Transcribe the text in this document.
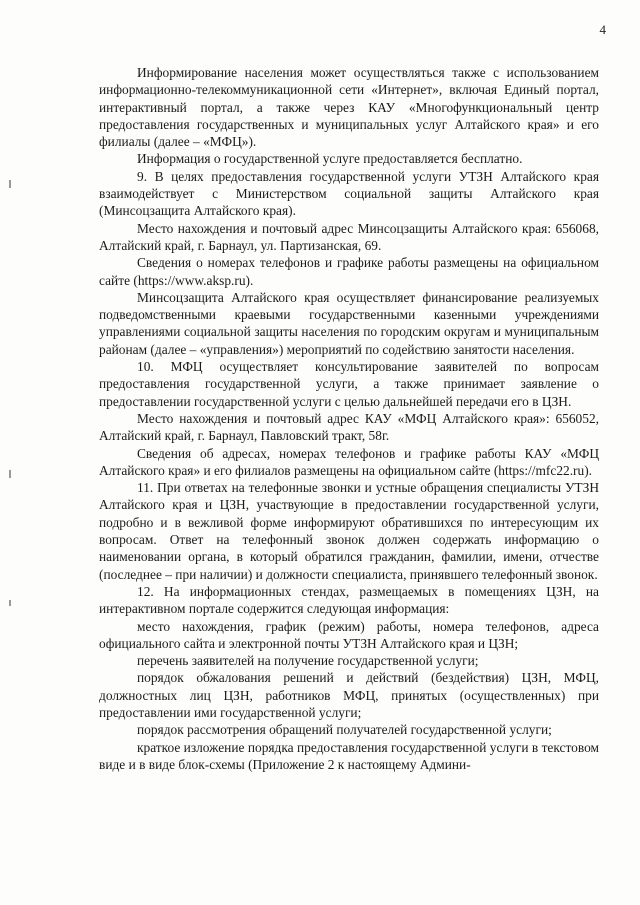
4

Информирование населения может осуществляться также с использованием информационно-телекоммуникационной сети «Интернет», включая Единый портал, интерактивный портал, а также через КАУ «Многофункциональный центр предоставления государственных и муниципальных услуг Алтайского края» и его филиалы (далее – «МФЦ»).

Информация о государственной услуге предоставляется бесплатно.

9. В целях предоставления государственной услуги УТЗН Алтайского края взаимодействует с Министерством социальной защиты Алтайского края (Минсоцзащита Алтайского края).

Место нахождения и почтовый адрес Минсоцзащиты Алтайского края: 656068, Алтайский край, г. Барнаул, ул. Партизанская, 69.

Сведения о номерах телефонов и графике работы размещены на официальном сайте (https://www.aksp.ru).

Минсоцзащита Алтайского края осуществляет финансирование реализуемых подведомственными краевыми государственными казенными учреждениями управлениями социальной защиты населения по городским округам и муниципальным районам (далее – «управления») мероприятий по содействию занятости населения.

10. МФЦ осуществляет консультирование заявителей по вопросам предоставления государственной услуги, а также принимает заявление о предоставлении государственной услуги с целью дальнейшей передачи его в ЦЗН.

Место нахождения и почтовый адрес КАУ «МФЦ Алтайского края»: 656052, Алтайский край, г. Барнаул, Павловский тракт, 58г.

Сведения об адресах, номерах телефонов и графике работы КАУ «МФЦ Алтайского края» и его филиалов размещены на официальном сайте (https://mfc22.ru).

11. При ответах на телефонные звонки и устные обращения специалисты УТЗН Алтайского края и ЦЗН, участвующие в предоставлении государственной услуги, подробно и в вежливой форме информируют обратившихся по интересующим их вопросам. Ответ на телефонный звонок должен содержать информацию о наименовании органа, в который обратился гражданин, фамилии, имени, отчестве (последнее – при наличии) и должности специалиста, принявшего телефонный звонок.

12. На информационных стендах, размещаемых в помещениях ЦЗН, на интерактивном портале содержится следующая информация:

место нахождения, график (режим) работы, номера телефонов, адреса официального сайта и электронной почты УТЗН Алтайского края и ЦЗН;

перечень заявителей на получение государственной услуги;

порядок обжалования решений и действий (бездействия) ЦЗН, МФЦ, должностных лиц ЦЗН, работников МФЦ, принятых (осуществленных) при предоставлении ими государственной услуги;

порядок рассмотрения обращений получателей государственной услуги;

краткое изложение порядка предоставления государственной услуги в текстовом виде и в виде блок-схемы (Приложение 2 к настоящему Админи-
